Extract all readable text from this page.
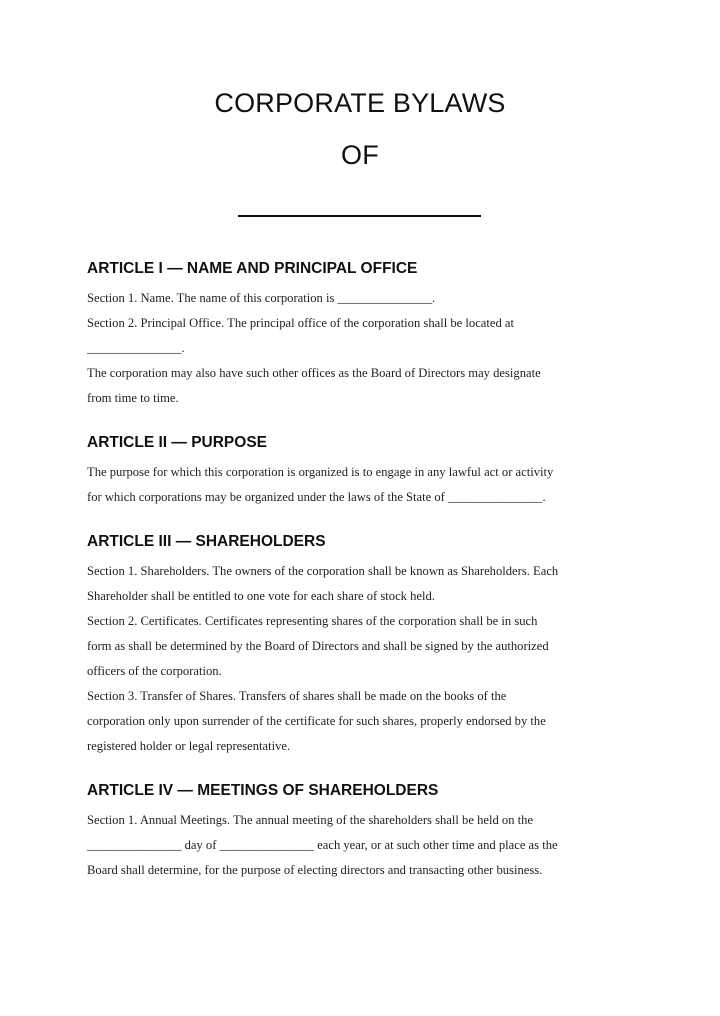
CORPORATE BYLAWS
OF
ARTICLE I — NAME AND PRINCIPAL OFFICE
Section 1. Name. The name of this corporation is _______________.
Section 2. Principal Office. The principal office of the corporation shall be located at
_______________.
The corporation may also have such other offices as the Board of Directors may designate
from time to time.
ARTICLE II — PURPOSE
The purpose for which this corporation is organized is to engage in any lawful act or activity
for which corporations may be organized under the laws of the State of _______________.
ARTICLE III — SHAREHOLDERS
Section 1. Shareholders. The owners of the corporation shall be known as Shareholders. Each
Shareholder shall be entitled to one vote for each share of stock held.
Section 2. Certificates. Certificates representing shares of the corporation shall be in such
form as shall be determined by the Board of Directors and shall be signed by the authorized
officers of the corporation.
Section 3. Transfer of Shares. Transfers of shares shall be made on the books of the
corporation only upon surrender of the certificate for such shares, properly endorsed by the
registered holder or legal representative.
ARTICLE IV — MEETINGS OF SHAREHOLDERS
Section 1. Annual Meetings. The annual meeting of the shareholders shall be held on the
_______________ day of _______________ each year, or at such other time and place as the
Board shall determine, for the purpose of electing directors and transacting other business.
